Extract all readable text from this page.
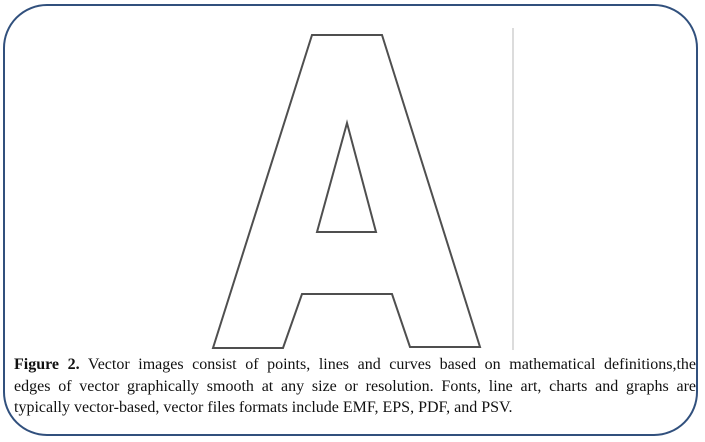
Figure 2. Vector images consist of points, lines and curves based on mathematical definitions,the

edges of vector graphically smooth at any size or resolution. Fonts, line art, charts and graphs are

typically vector-based, vector files formats include EMF, EPS, PDF, and PSV.
